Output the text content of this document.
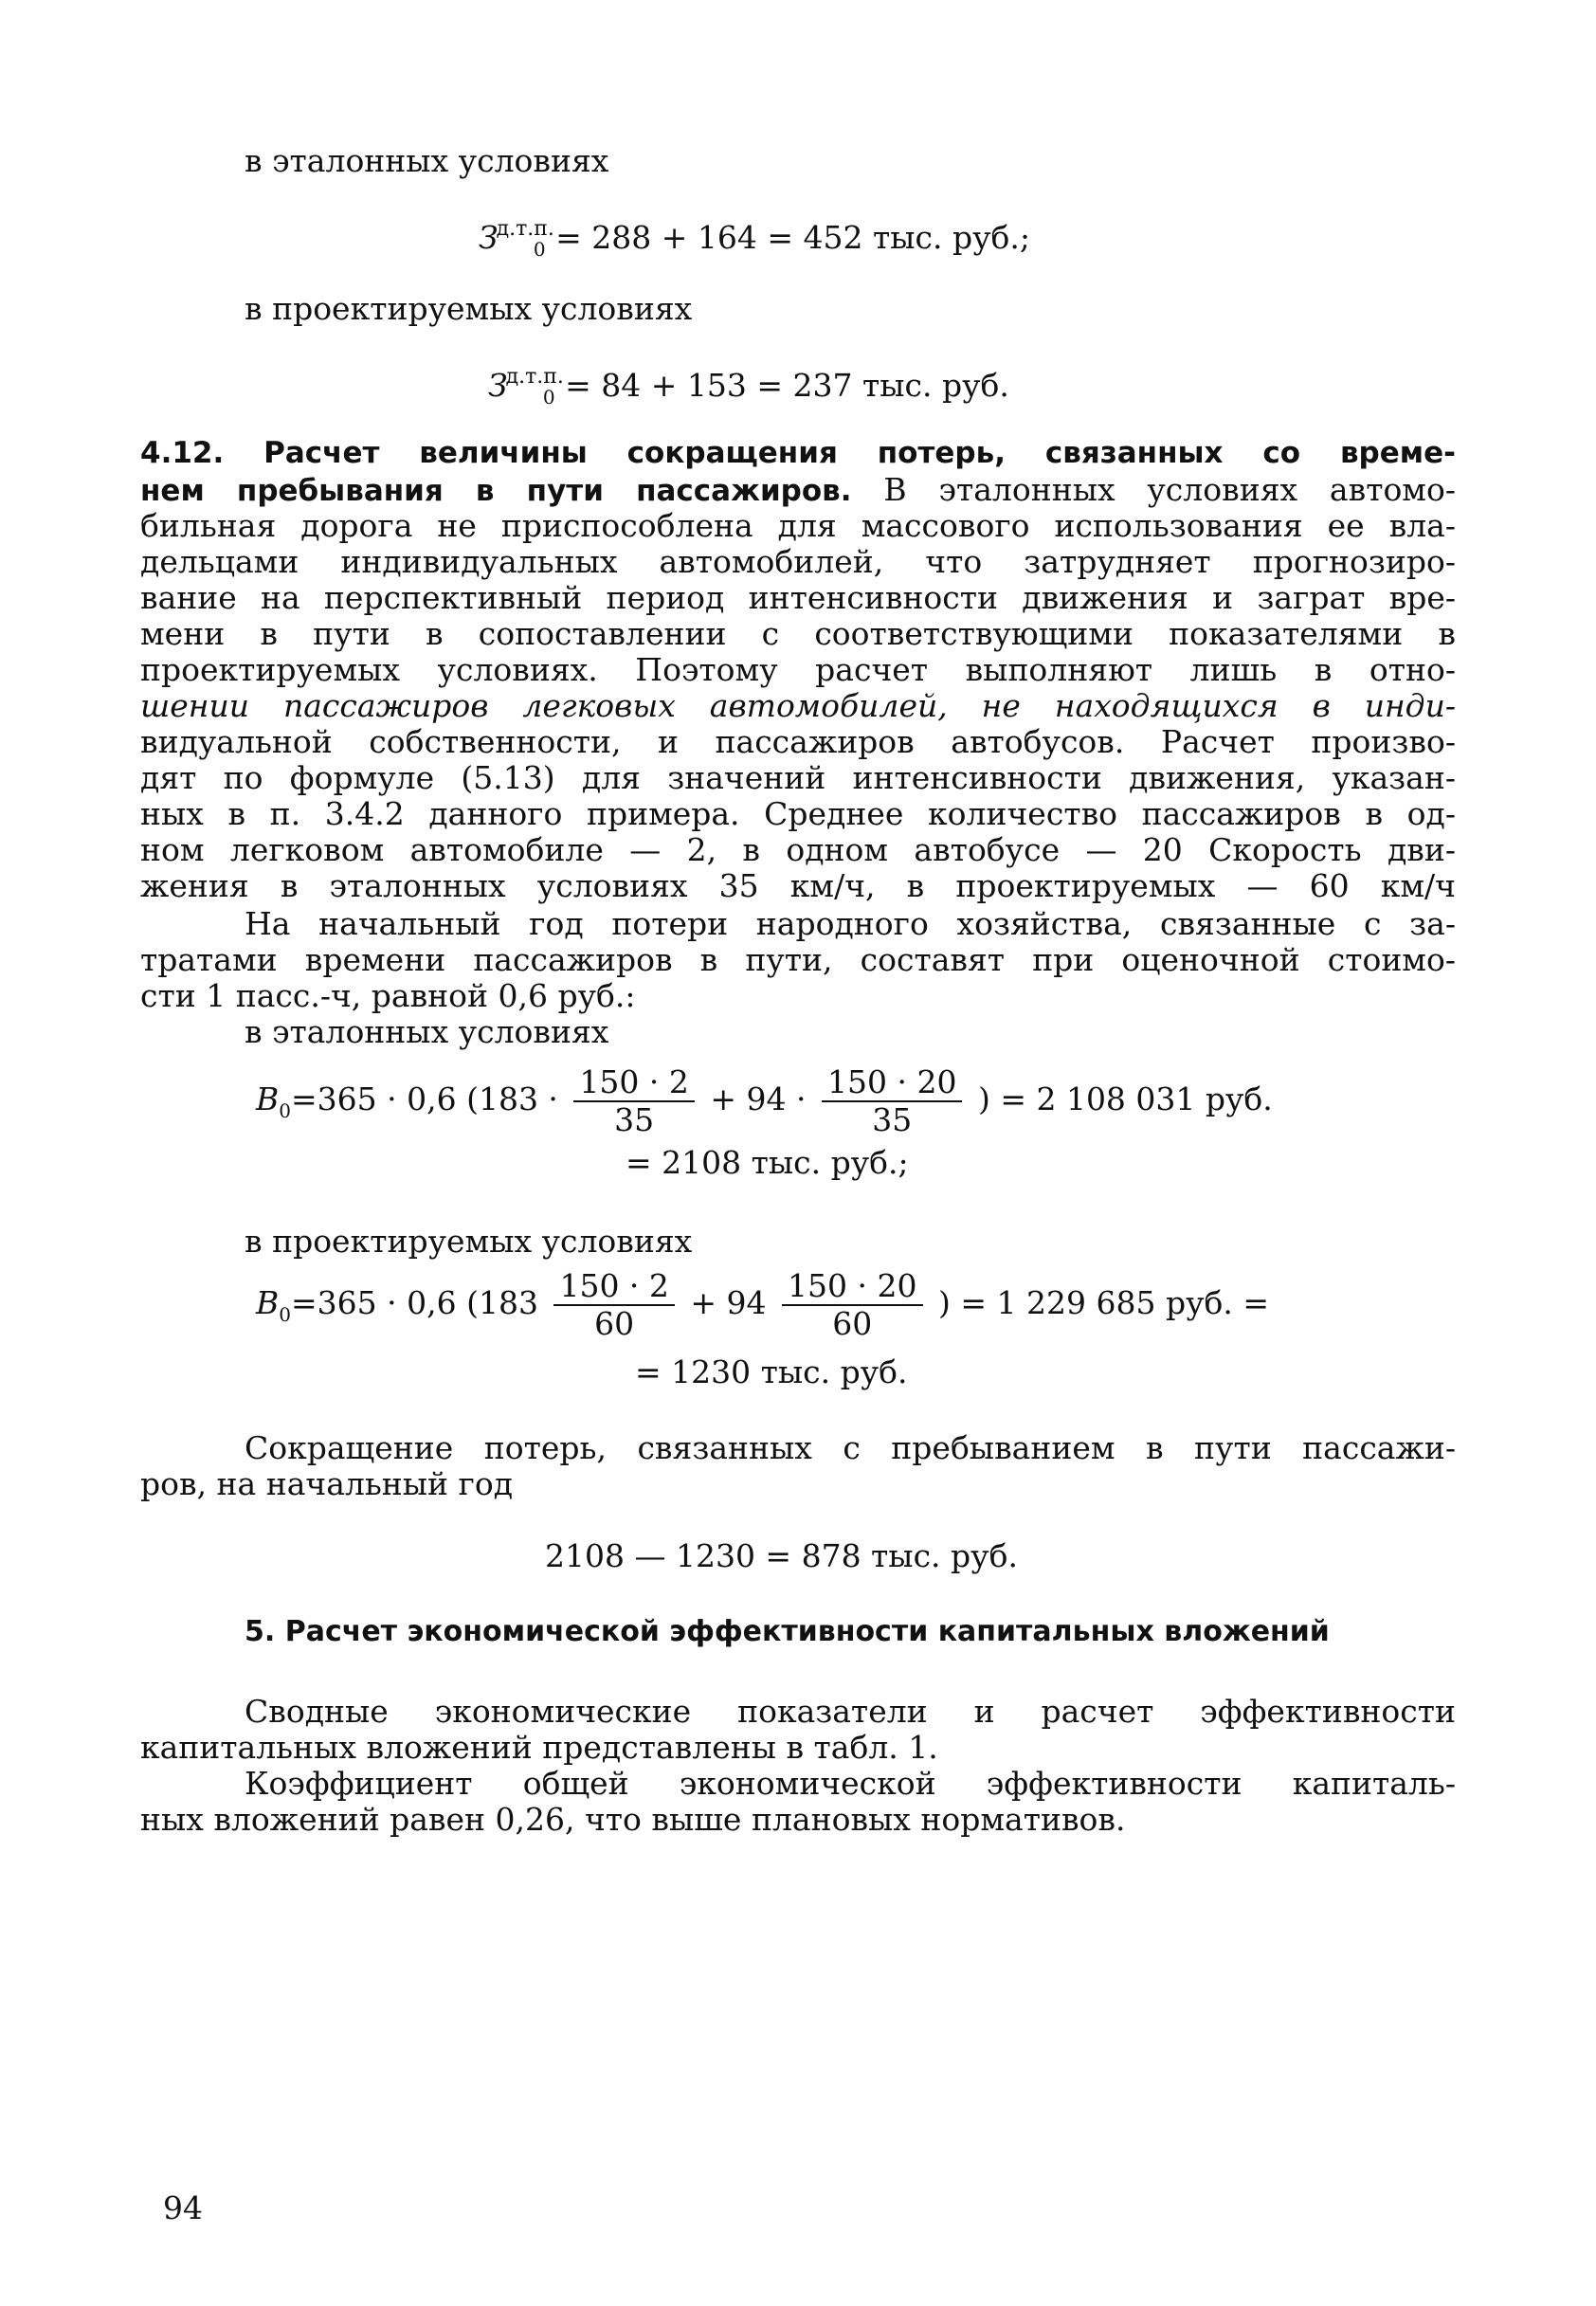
в эталонных условиях
$З^{д.т.п.}_0 = 288 + 164 = 452$ тыс. руб.;
в проектируемых условиях
$З^{д.т.п.}_0 = 84 + 153 = 237$ тыс. руб.
4.12. Расчет величины сокращения потерь, связанных со време-
нем пребывания в пути пассажиров. В эталонных условиях автомо-
бильная дорога не приспособлена для массового использования ее вла-
дельцами индивидуальных автомобилей, что затрудняет прогнозиро-
вание на перспективный период интенсивности движения и заграт вре-
мени в пути в сопоставлении с соответствующими показателями в
проектируемых условиях. Поэтому расчет выполняют лишь в отно-
шении пассажиров легковых автомобилей, не находящихся в инди-
видуальной собственности, и пассажиров автобусов. Расчет произво-
дят по формуле (5.13) для значений интенсивности движения, указан-
ных в п. 3.4.2 данного примера. Среднее количество пассажиров в од-
ном легковом автомобиле — 2, в одном автобусе — 20 Скорость дви-
жения в эталонных условиях 35 км/ч, в проектируемых — 60 км/ч
На начальный год потери народного хозяйства, связанные с за-
тратами времени пассажиров в пути, составят при оценочной стоимо-
сти 1 пасс.-ч, равной 0,6 руб.:
в эталонных условиях
$В_0=365 \cdot 0,6$ ($183 \cdot \frac{150 \cdot 2}{35} + 94 \cdot \frac{150 \cdot 20}{35}$ ) = 2 108 031 руб.
= 2108 тыс. руб.;
в проектируемых условиях
$В_0=365 \cdot 0,6$ ($183 \frac{150 \cdot 2}{60} + 94 \frac{150 \cdot 20}{60}$ ) = 1 229 685 руб. =
= 1230 тыс. руб.
Сокращение потерь, связанных с пребыванием в пути пассажи-
ров, на начальный год
2108 — 1230 = 878 тыс. руб.
5. Расчет экономической эффективности капитальных вложений
Сводные экономические показатели и расчет эффективности
капитальных вложений представлены в табл. 1.
Коэффициент общей экономической эффективности капиталь-
ных вложений равен 0,26, что выше плановых нормативов.
94
